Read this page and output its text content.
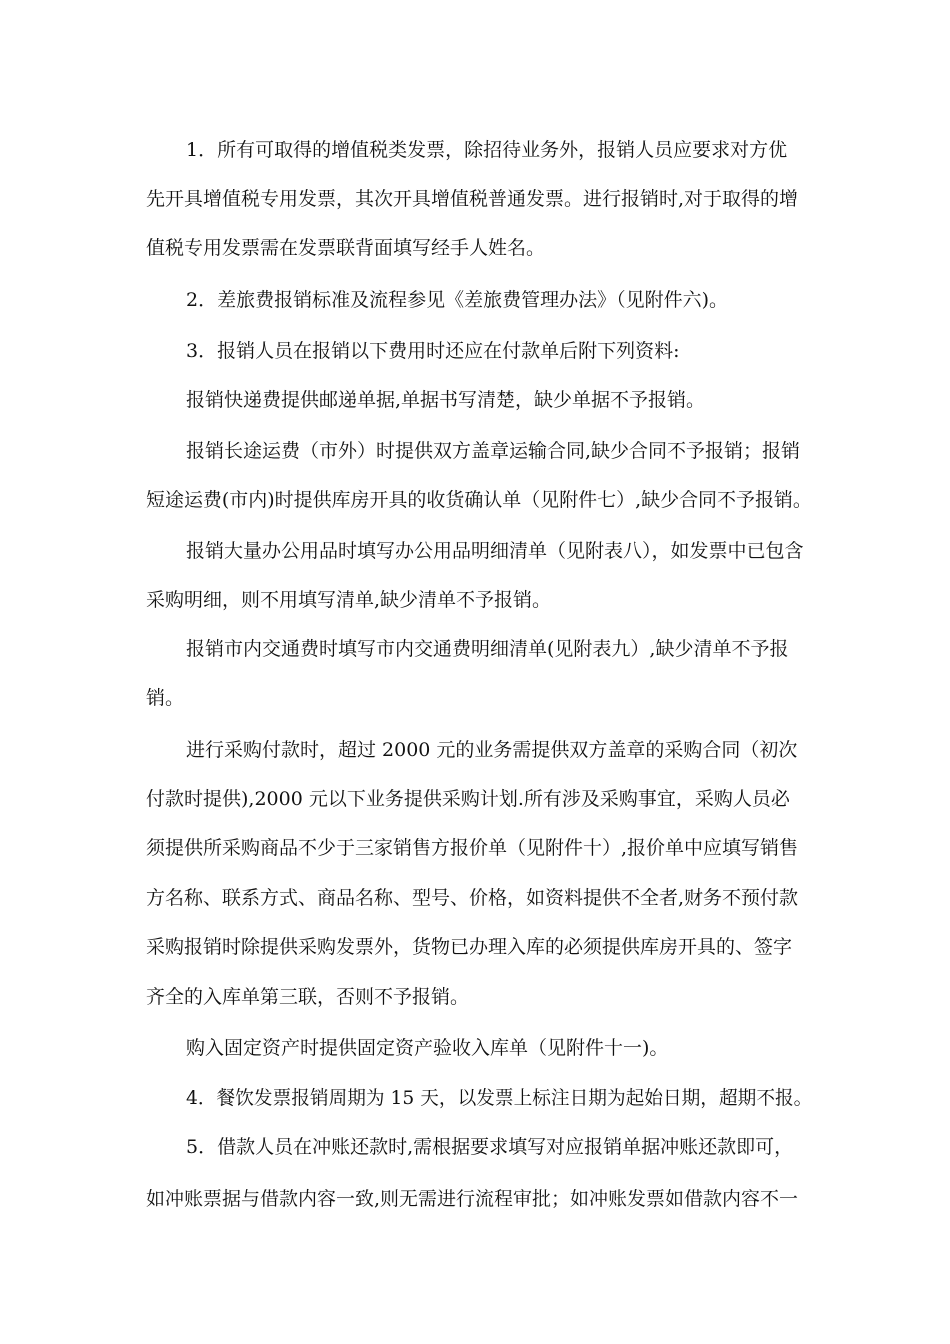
1．所有可取得的增值税类发票，除招待业务外，报销人员应要求对方优

先开具增值税专用发票，其次开具增值税普通发票。进行报销时,对于取得的增

值税专用发票需在发票联背面填写经手人姓名。

2．差旅费报销标准及流程参见《差旅费管理办法》（见附件六)。

3．报销人员在报销以下费用时还应在付款单后附下列资料:

报销快递费提供邮递单据,单据书写清楚，缺少单据不予报销。

报销长途运费（市外）时提供双方盖章运输合同,缺少合同不予报销；报销

短途运费(市内)时提供库房开具的收货确认单（见附件七）,缺少合同不予报销。

报销大量办公用品时填写办公用品明细清单（见附表八），如发票中已包含

采购明细，则不用填写清单,缺少清单不予报销。

报销市内交通费时填写市内交通费明细清单(见附表九）,缺少清单不予报

销。

进行采购付款时，超过 2000 元的业务需提供双方盖章的采购合同（初次

付款时提供),2000 元以下业务提供采购计划.所有涉及采购事宜，采购人员必

须提供所采购商品不少于三家销售方报价单（见附件十）,报价单中应填写销售

方名称、联系方式、商品名称、型号、价格，如资料提供不全者,财务不预付款

采购报销时除提供采购发票外，货物已办理入库的必须提供库房开具的、签字

齐全的入库单第三联，否则不予报销。

购入固定资产时提供固定资产验收入库单（见附件十一)。

4．餐饮发票报销周期为 15 天，以发票上标注日期为起始日期，超期不报。

5．借款人员在冲账还款时,需根据要求填写对应报销单据冲账还款即可，

如冲账票据与借款内容一致,则无需进行流程审批；如冲账发票如借款内容不一
